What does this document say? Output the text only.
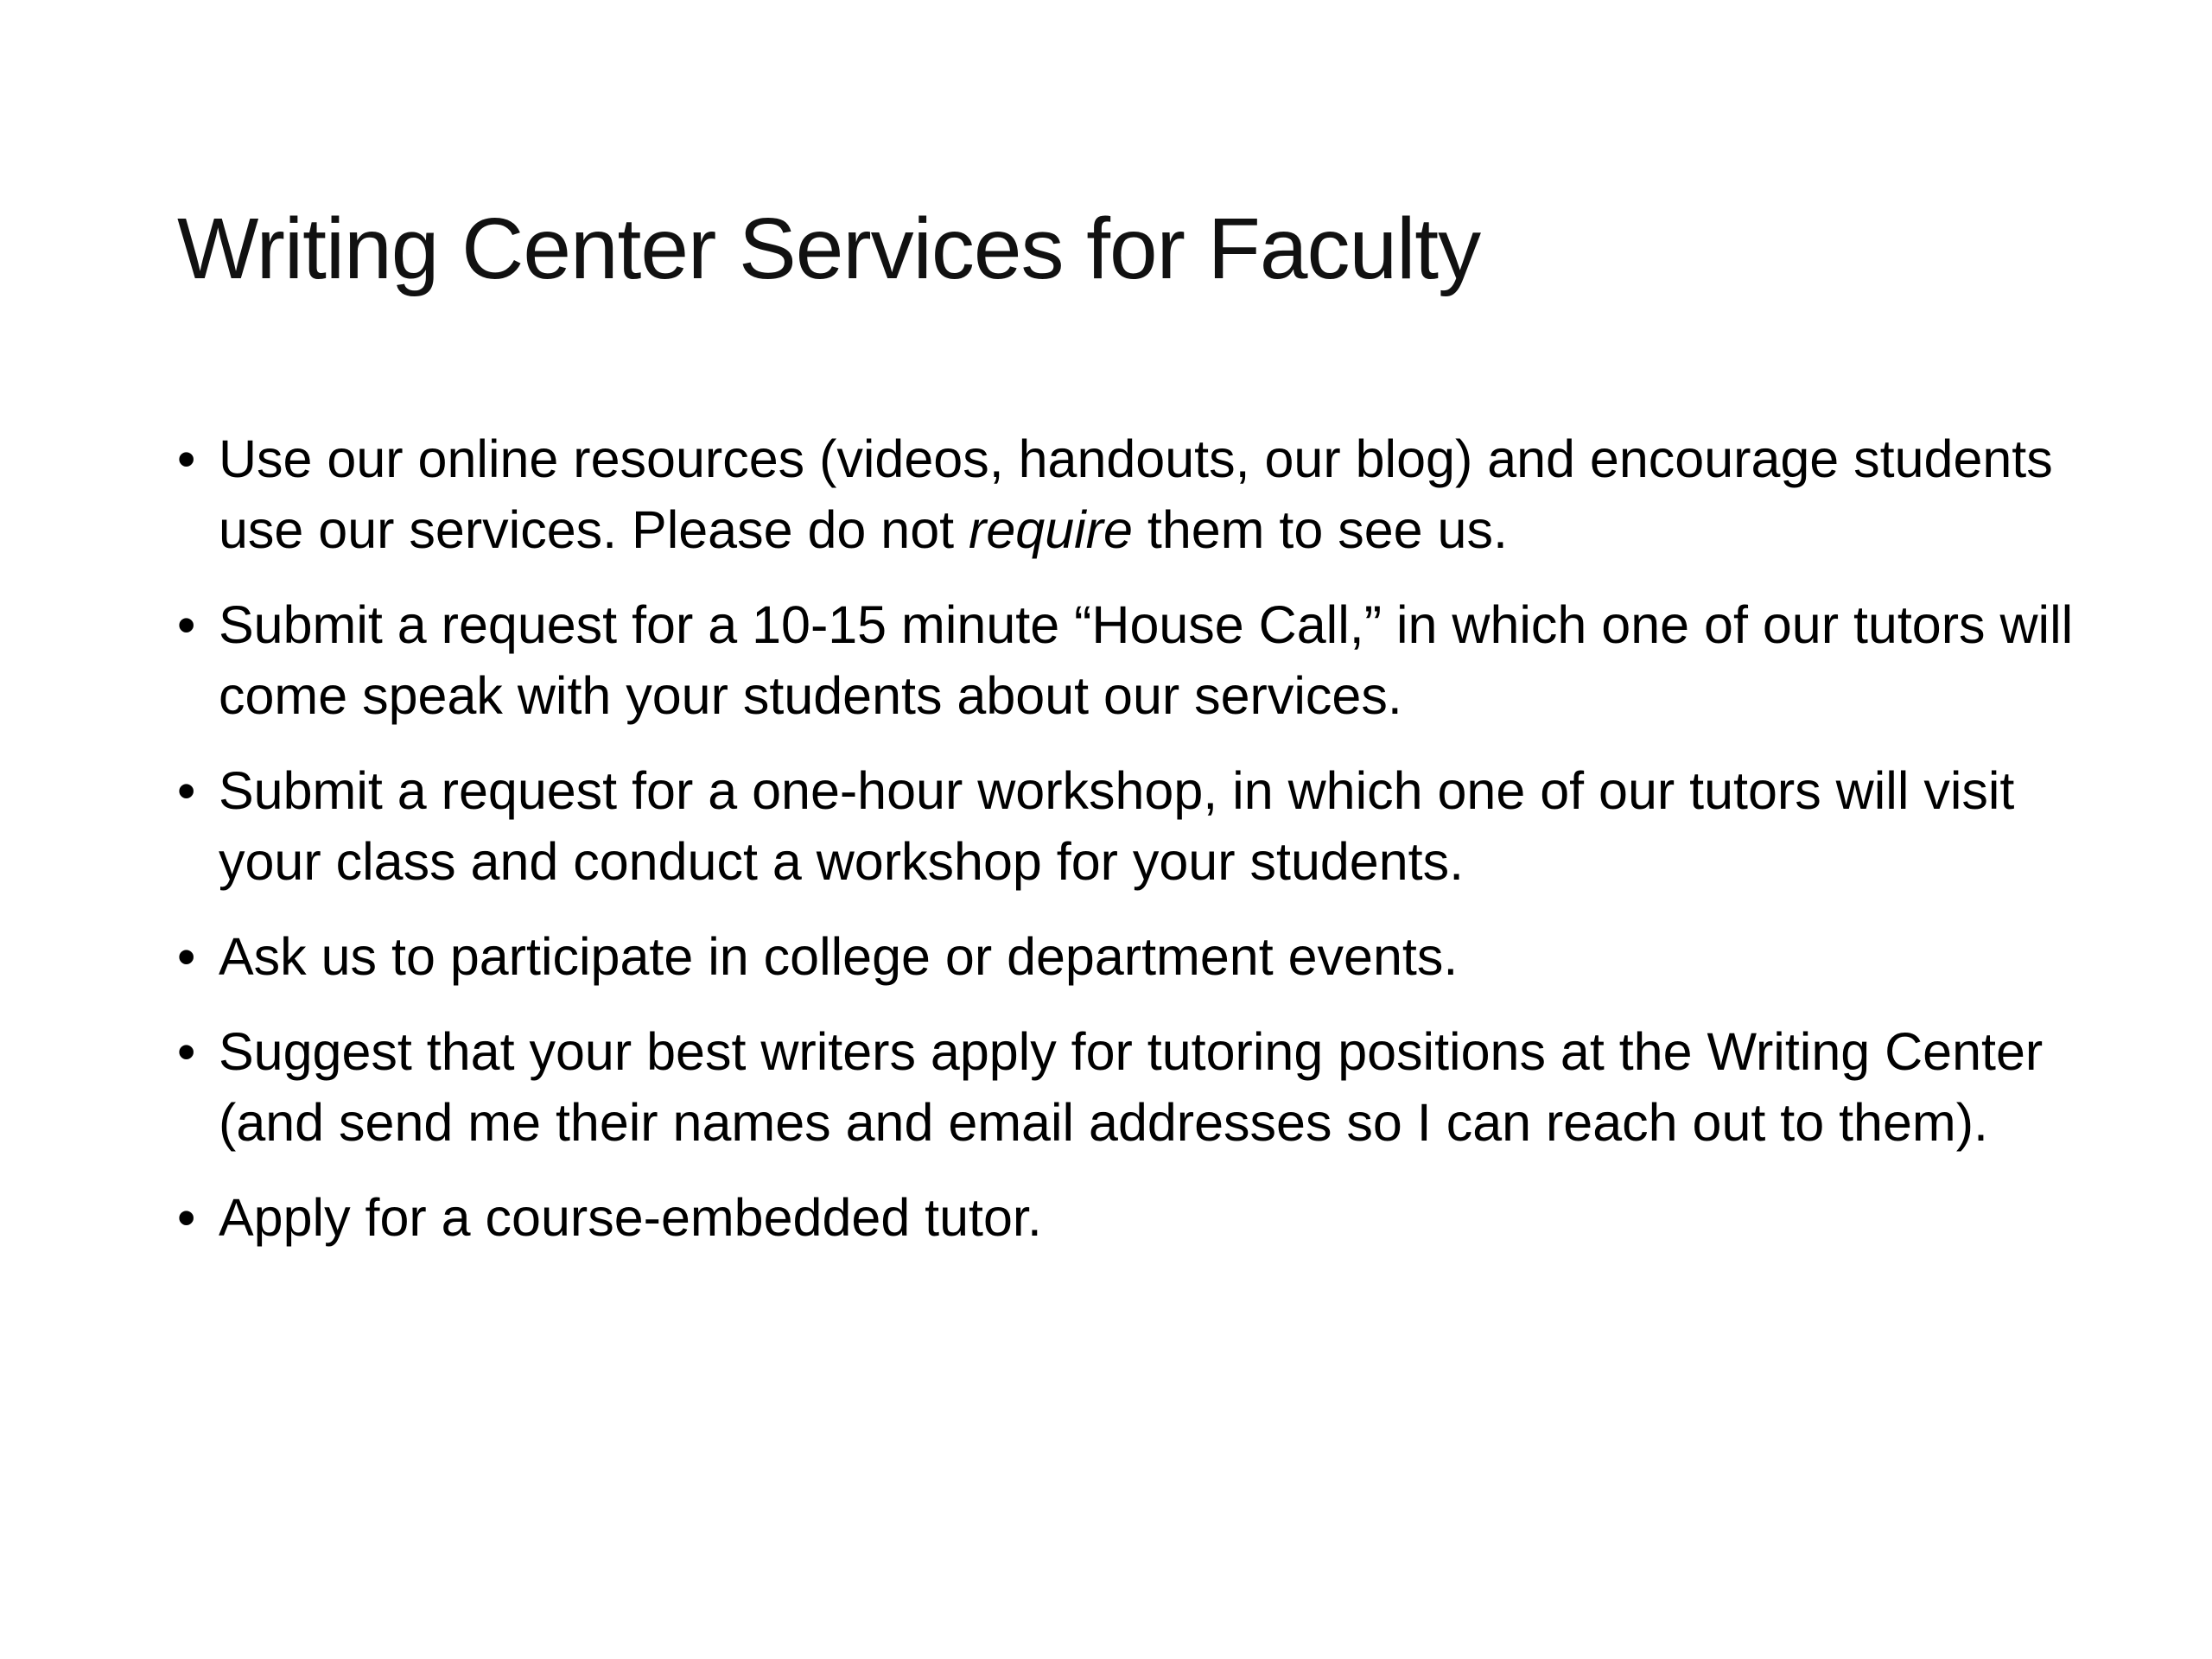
Writing Center Services for Faculty
• Use our online resources (videos, handouts, our blog) and encourage students use our services. Please do not require them to see us.
• Submit a request for a 10-15 minute “House Call,” in which one of our tutors will come speak with your students about our services.
• Submit a request for a one-hour workshop, in which one of our tutors will visit your class and conduct a workshop for your students.
• Ask us to participate in college or department events.
• Suggest that your best writers apply for tutoring positions at the Writing Center (and send me their names and email addresses so I can reach out to them).
• Apply for a course-embedded tutor.
